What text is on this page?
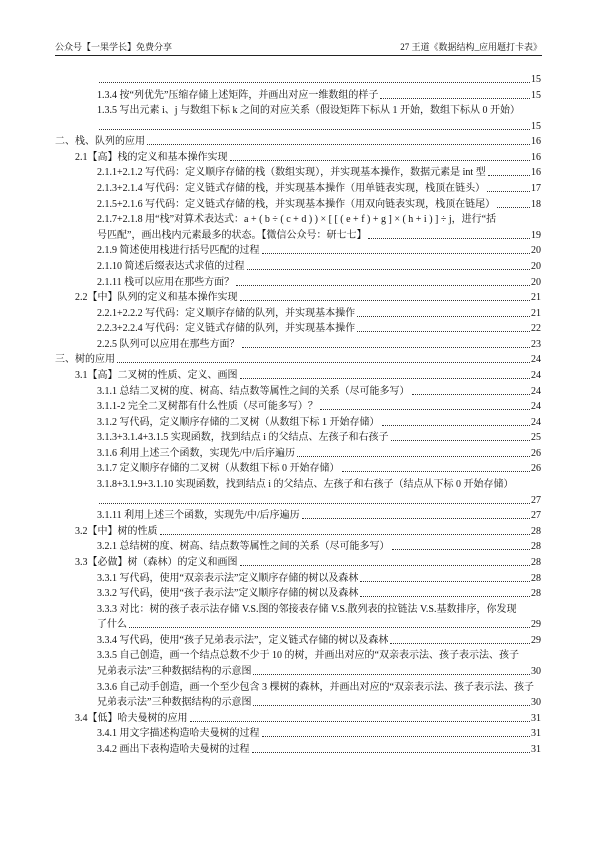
公众号【一果学长】免费分享	27 王道《数据结构_应用题打卡表》
15
1.3.4 按“列优先”压缩存储上述矩阵，并画出对应一维数组的样子	15
1.3.5 写出元素 i、j 与数组下标 k 之间的对应关系（假设矩阵下标从 1 开始，数组下标从 0 开始）
15
二、栈、队列的应用	16
2.1【高】栈的定义和基本操作实现	16
2.1.1+2.1.2 写代码：定义顺序存储的栈（数组实现），并实现基本操作，数据元素是 int 型	16
2.1.3+2.1.4 写代码：定义链式存储的栈，并实现基本操作（用单链表实现，栈顶在链头）	17
2.1.5+2.1.6 写代码：定义链式存储的栈，并实现基本操作（用双向链表实现，栈顶在链尾）	18
2.1.7+2.1.8 用“栈”对算术表达式：a + ( b ÷ ( c + d ) ) × [ [ ( e + f ) + g ] × ( h + i ) ] ÷ j，进行“括
号匹配”，画出栈内元素最多的状态。【微信公众号：研七七】	19
2.1.9 简述使用栈进行括号匹配的过程	20
2.1.10 简述后缀表达式求值的过程	20
2.1.11 栈可以应用在那些方面？	20
2.2【中】队列的定义和基本操作实现	21
2.2.1+2.2.2 写代码：定义顺序存储的队列，并实现基本操作	21
2.2.3+2.2.4 写代码：定义链式存储的队列，并实现基本操作	22
2.2.5 队列可以应用在那些方面？	23
三、树的应用	24
3.1【高】二叉树的性质、定义、画图	24
3.1.1 总结二叉树的度、树高、结点数等属性之间的关系（尽可能多写）	24
3.1.1-2 完全二叉树都有什么性质（尽可能多写）？	24
3.1.2 写代码，定义顺序存储的二叉树（从数组下标 1 开始存储）	24
3.1.3+3.1.4+3.1.5 实现函数，找到结点 i 的父结点、左孩子和右孩子	25
3.1.6 利用上述三个函数，实现先/中/后序遍历	26
3.1.7 定义顺序存储的二叉树（从数组下标 0 开始存储）	26
3.1.8+3.1.9+3.1.10 实现函数，找到结点 i 的父结点、左孩子和右孩子（结点从下标 0 开始存储）
27
3.1.11 利用上述三个函数，实现先/中/后序遍历	27
3.2【中】树的性质	28
3.2.1 总结树的度、树高、结点数等属性之间的关系（尽可能多写）	28
3.3【必做】树（森林）的定义和画图	28
3.3.1 写代码，使用“双亲表示法”定义顺序存储的树以及森林	28
3.3.2 写代码，使用“孩子表示法”定义顺序存储的树以及森林	28
3.3.3 对比：树的孩子表示法存储 V.S.图的邻接表存储 V.S.散列表的拉链法 V.S.基数排序，你发现
了什么	29
3.3.4 写代码，使用“孩子兄弟表示法”，定义链式存储的树以及森林	29
3.3.5 自己创造，画一个结点总数不少于 10 的树，并画出对应的“双亲表示法、孩子表示法、孩子
兄弟表示法”三种数据结构的示意图	30
3.3.6 自己动手创造，画一个至少包含 3 棵树的森林，并画出对应的“双亲表示法、孩子表示法、孩子
兄弟表示法”三种数据结构的示意图	30
3.4【低】哈夫曼树的应用	31
3.4.1 用文字描述构造哈夫曼树的过程	31
3.4.2 画出下表构造哈夫曼树的过程	31
